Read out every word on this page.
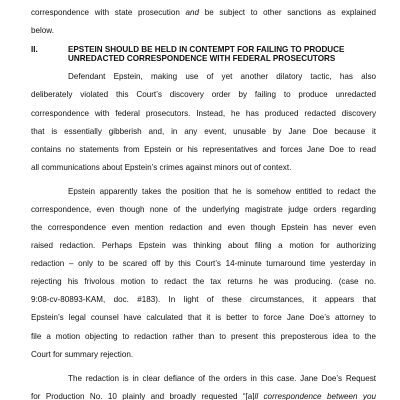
correspondence with state prosecution and be subject to other sanctions as explained
below.
II.	EPSTEIN SHOULD BE HELD IN CONTEMPT FOR FAILING TO PRODUCE
UNREDACTED CORRESPONDENCE WITH FEDERAL PROSECUTORS
Defendant Epstein, making use of yet another dilatory tactic, has also
deliberately violated this Court’s discovery order by failing to produce unredacted
correspondence with federal prosecutors. Instead, he has produced redacted discovery
that is essentially gibberish and, in any event, unusable by Jane Doe because it
contains no statements from Epstein or his representatives and forces Jane Doe to read
all communications about Epstein’s crimes against minors out of context.
Epstein apparently takes the position that he is somehow entitled to redact the
correspondence, even though none of the underlying magistrate judge orders regarding
the correspondence even mention redaction and even though Epstein has never even
raised redaction. Perhaps Epstein was thinking about filing a motion for authorizing
redaction – only to be scared off by this Court’s 14-minute turnaround time yesterday in
rejecting his frivolous motion to redact the tax returns he was producing. (case no.
9:08-cv-80893-KAM, doc. #183). In light of these circumstances, it appears that
Epstein’s legal counsel have calculated that it is better to force Jane Doe’s attorney to
file a motion objecting to redaction rather than to present this preposterous idea to the
Court for summary rejection.
The redaction is in clear defiance of the orders in this case. Jane Doe’s Request
for Production No. 10 plainly and broadly requested “[a]ll correspondence between you
